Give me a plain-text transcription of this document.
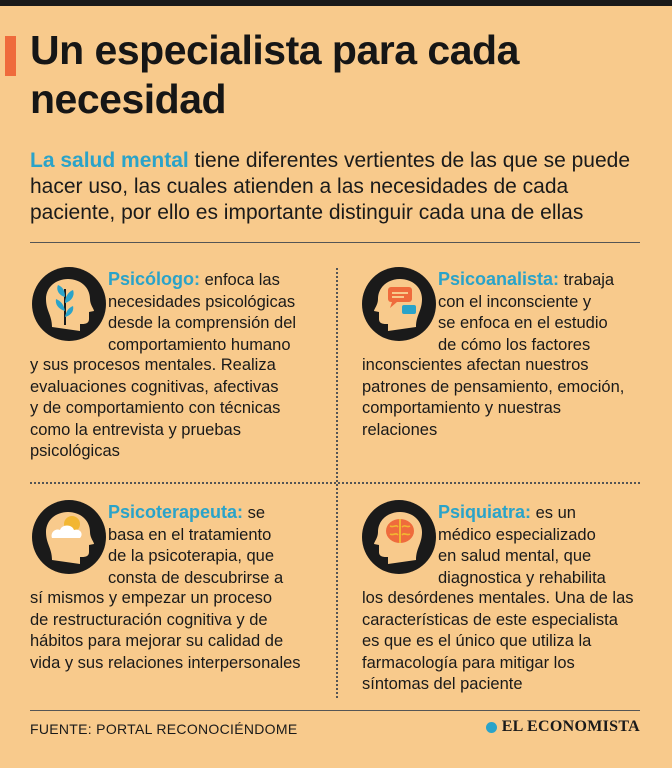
Un especialista para cada necesidad
La salud mental tiene diferentes vertientes de las que se puede
hacer uso, las cuales atienden a las necesidades de cada
paciente, por ello es importante distinguir cada una de ellas
Psicólogo: enfoca las
necesidades psicológicas
desde la comprensión del
comportamiento humano
y sus procesos mentales. Realiza
evaluaciones cognitivas, afectivas
y de comportamiento con técnicas
como la entrevista y pruebas
psicológicas
Psicoanalista: trabaja
con el inconsciente y
se enfoca en el estudio
de cómo los factores
inconscientes afectan nuestros
patrones de pensamiento, emoción,
comportamiento y nuestras
relaciones
Psicoterapeuta: se
basa en el tratamiento
de la psicoterapia, que
consta de descubrirse a
sí mismos y empezar un proceso
de restructuración cognitiva y de
hábitos para mejorar su calidad de
vida y sus relaciones interpersonales
Psiquiatra: es un
médico especializado
en salud mental, que
diagnostica y rehabilita
los desórdenes mentales. Una de las
características de este especialista
es que es el único que utiliza la
farmacología para mitigar los
síntomas del paciente
FUENTE: PORTAL RECONOCIÉNDOME	EL ECONOMISTA
